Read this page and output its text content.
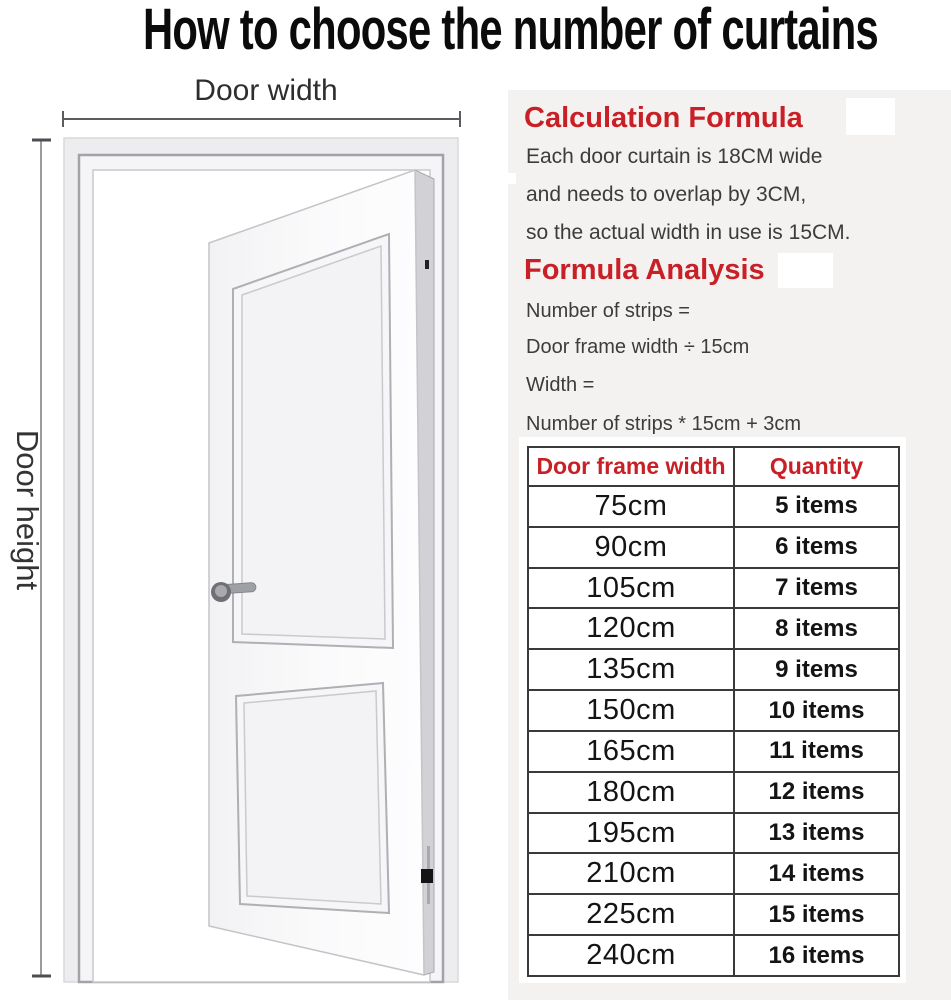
How to choose the number of curtains
Door width
Door height
Calculation Formula
Each door curtain is 18CM wide
and needs to overlap by 3CM,
so the actual width in use is 15CM.
Formula Analysis
Number of strips =
Door frame width ÷ 15cm
Width =
Number of strips * 15cm + 3cm
Door frame width	Quantity
75cm	5 items
90cm	6 items
105cm	7 items
120cm	8 items
135cm	9 items
150cm	10 items
165cm	11 items
180cm	12 items
195cm	13 items
210cm	14 items
225cm	15 items
240cm	16 items
